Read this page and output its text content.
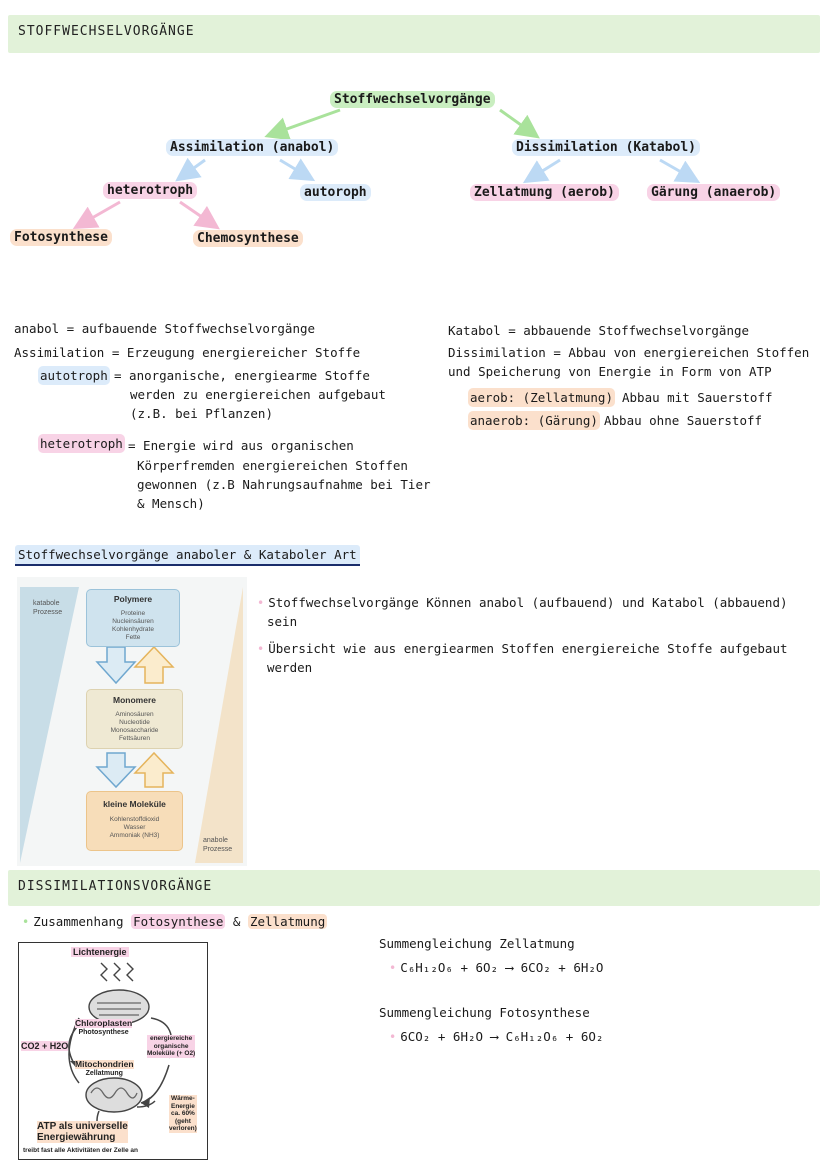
STOFFWECHSELVORGÄNGE
Stoffwechselvorgänge
Assimilation (anabol)	Dissimilation (Katabol)
heterotroph	autoroph	Zellatmung (aerob)	Gärung (anaerob)
Fotosynthese	Chemosynthese
anabol = aufbauende Stoffwechselvorgänge
Assimilation = Erzeugung energiereicher Stoffe
autotroph = anorganische, energiearme Stoffe
werden zu energiereichen aufgebaut
(z.B. bei Pflanzen)
heterotroph = Energie wird aus organischen
Körperfremden energiereichen Stoffen
gewonnen (z.B Nahrungsaufnahme bei Tier
& Mensch)
Katabol = abbauende Stoffwechselvorgänge
Dissimilation = Abbau von energiereichen Stoffen
und Speicherung von Energie in Form von ATP
aerob: (Zellatmung) Abbau mit Sauerstoff
anaerob: (Gärung) Abbau ohne Sauerstoff
Stoffwechselvorgänge anaboler & Kataboler Art
katabole
Prozesse
anabole
Prozesse
Polymere
Proteine
Nucleinsäuren
Kohlenhydrate
Fette
Monomere
Aminosäuren
Nucleotide
Monosaccharide
Fettsäuren
kleine Moleküle
Kohlenstoffdioxid
Wasser
Ammoniak (NH3)
• Stoffwechselvorgänge Können anabol (aufbauend) und Katabol (abbauend)
sein
• Übersicht wie aus energiearmen Stoffen energiereiche Stoffe aufgebaut
werden
DISSIMILATIONSVORGÄNGE
• Zusammenhang Fotosynthese & Zellatmung
Lichtenergie
Chloroplasten
Photosynthese
CO2 + H2O
energiereiche
organische
Moleküle (+ O2)
Mitochondrien
Zellatmung
Wärme-
Energie
ca. 60%
(geht
verloren)
ATP als universelle
Energiewährung
treibt fast alle Aktivitäten der Zelle an
Summengleichung Zellatmung
• C₆H₁₂O₆ + 6O₂ ⟶ 6CO₂ + 6H₂O
Summengleichung Fotosynthese
• 6CO₂ + 6H₂O ⟶ C₆H₁₂O₆ + 6O₂
